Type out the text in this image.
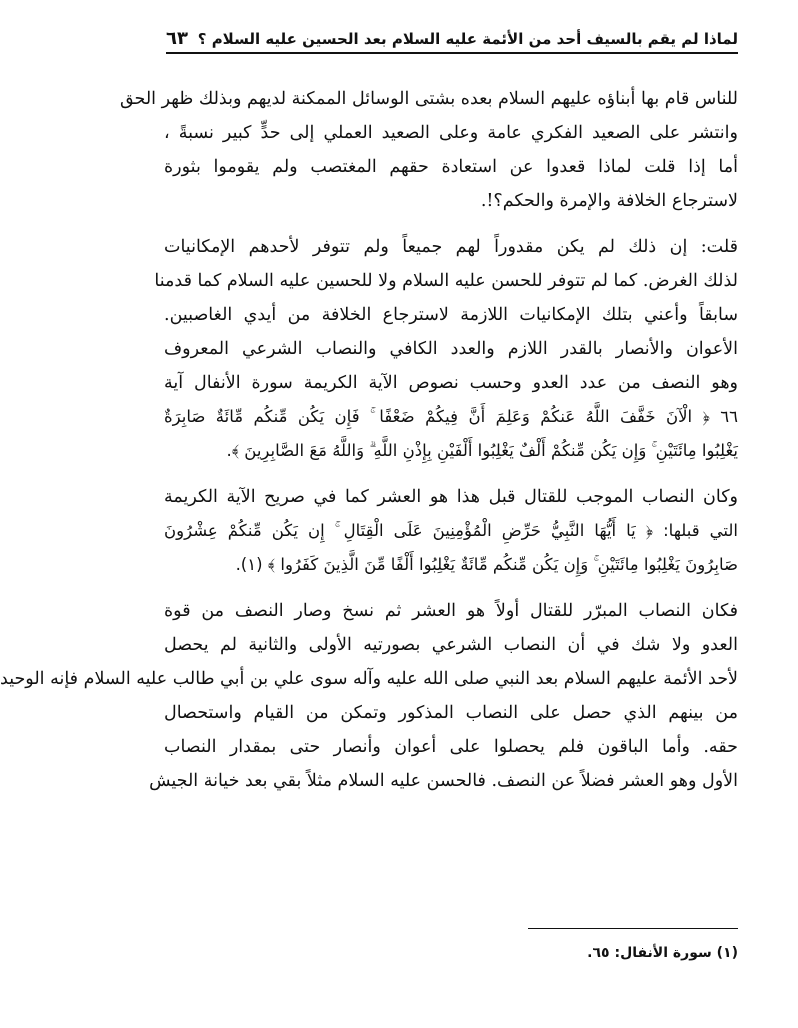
لماذا لم يقم بالسيف أحد من الأئمة عليه السلام بعد الحسين عليه السلام ؟
٦٣
للناس قام بها أبناؤه عليهم السلام بعده بشتى الوسائل الممكنة لديهم وبذلك ظهر الحق
وانتشر على الصعيد الفكري عامة وعلى الصعيد العملي إلى حدٍّ كبير نسبةً ،
أما إذا قلت لماذا قعدوا عن استعادة حقهم المغتصب ولم يقوموا بثورة
لاسترجاع الخلافة والإمرة والحكم؟!.
قلت: إن ذلك لم يكن مقدوراً لهم جميعاً ولم تتوفر لأحدهم الإمكانيات
لذلك الغرض. كما لم تتوفر للحسن عليه السلام ولا للحسين عليه السلام كما قدمنا
سابقاً وأعني بتلك الإمكانيات اللازمة لاسترجاع الخلافة من أيدي الغاصبين.
الأعوان والأنصار بالقدر اللازم والعدد الكافي والنصاب الشرعي المعروف
وهو النصف من عدد العدو وحسب نصوص الآية الكريمة سورة الأنفال آية
٦٦ ﴿ الْآنَ خَفَّفَ اللَّهُ عَنكُمْ وَعَلِمَ أَنَّ فِيكُمْ ضَعْفًا ۚ فَإِن يَكُن مِّنكُم مِّائَةٌ صَابِرَةٌ
يَغْلِبُوا مِائَتَيْنِ ۚ وَإِن يَكُن مِّنكُمْ أَلْفٌ يَغْلِبُوا أَلْفَيْنِ بِإِذْنِ اللَّهِ ۗ وَاللَّهُ مَعَ الصَّابِرِينَ ﴾.
وكان النصاب الموجب للقتال قبل هذا هو العشر كما في صريح الآية الكريمة
التي قبلها: ﴿ يَا أَيُّهَا النَّبِيُّ حَرِّضِ الْمُؤْمِنِينَ عَلَى الْقِتَالِ ۚ إِن يَكُن مِّنكُمْ عِشْرُونَ
صَابِرُونَ يَغْلِبُوا مِائَتَيْنِ ۚ وَإِن يَكُن مِّنكُم مِّائَةٌ يَغْلِبُوا أَلْفًا مِّنَ الَّذِينَ كَفَرُوا ﴾ (١).
فكان النصاب المبرّر للقتال أولاً هو العشر ثم نسخ وصار النصف من قوة
العدو ولا شك في أن النصاب الشرعي بصورتيه الأولى والثانية لم يحصل
لأحد الأئمة عليهم السلام بعد النبي صلى الله عليه وآله سوى علي بن أبي طالب عليه السلام فإنه الوحيد
من بينهم الذي حصل على النصاب المذكور وتمكن من القيام واستحصال
حقه. وأما الباقون فلم يحصلوا على أعوان وأنصار حتى بمقدار النصاب
الأول وهو العشر فضلاً عن النصف. فالحسن عليه السلام مثلاً بقي بعد خيانة الجيش
(١) سورة الأنفال: ٦٥.
